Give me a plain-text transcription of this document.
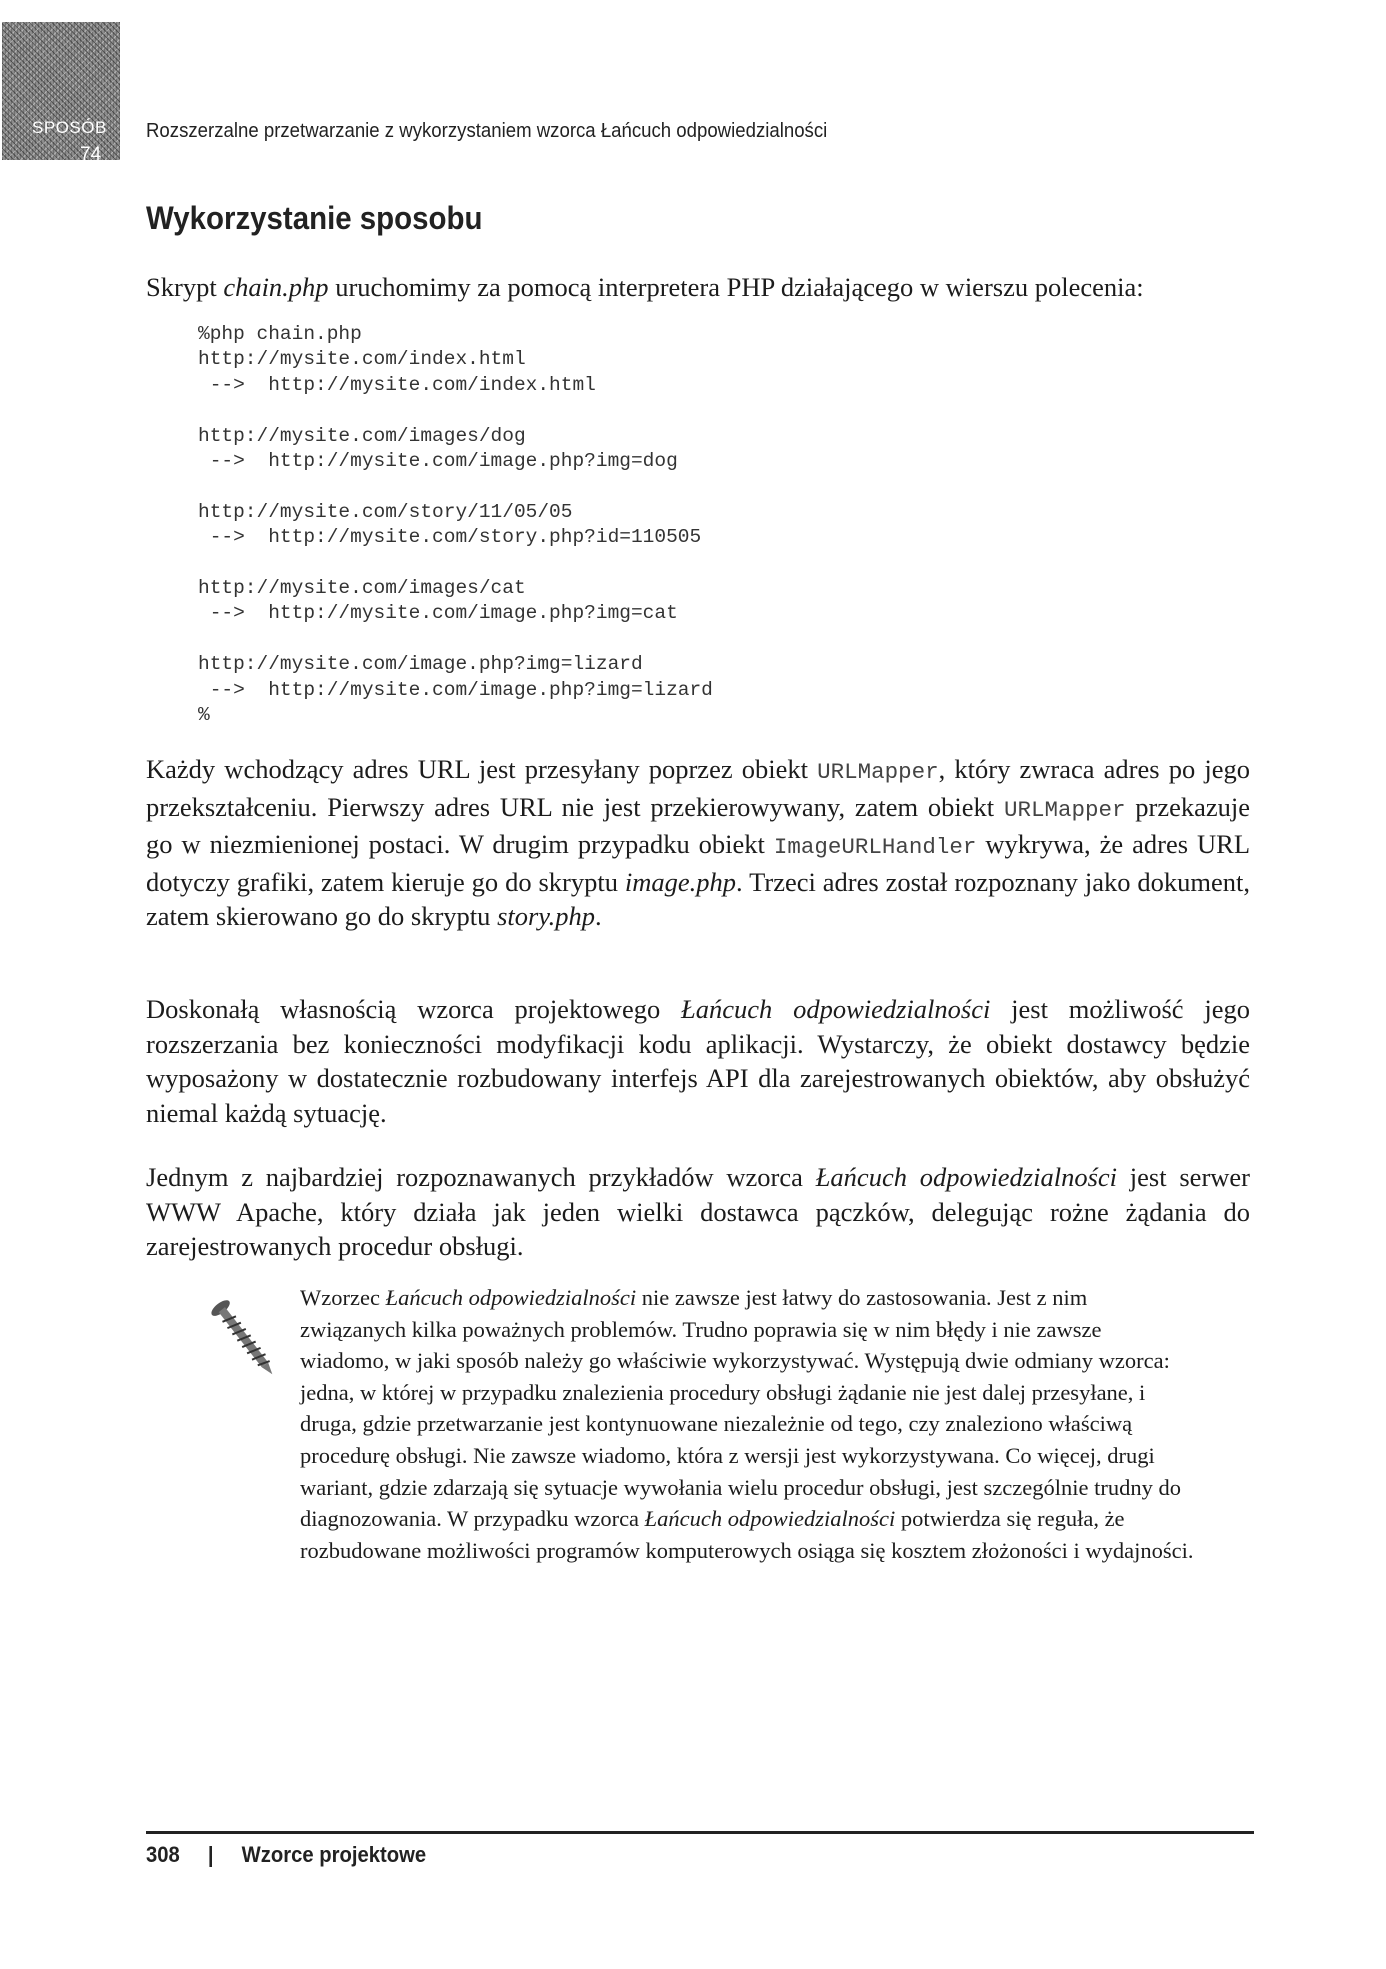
SPOSÓB
74
Rozszerzalne przetwarzanie z wykorzystaniem wzorca Łańcuch odpowiedzialności
Wykorzystanie sposobu

Skrypt chain.php uruchomimy za pomocą interpretera PHP działającego w wierszu polecenia:

%php chain.php
http://mysite.com/index.html
-->  http://mysite.com/index.html

http://mysite.com/images/dog
-->  http://mysite.com/image.php?img=dog

http://mysite.com/story/11/05/05
-->  http://mysite.com/story.php?id=110505

http://mysite.com/images/cat
-->  http://mysite.com/image.php?img=cat

http://mysite.com/image.php?img=lizard
-->  http://mysite.com/image.php?img=lizard
%

Każdy wchodzący adres URL jest przesyłany poprzez obiekt URLMapper, który zwraca adres po jego przekształceniu. Pierwszy adres URL nie jest przekierowywany, zatem obiekt URLMapper przekazuje go w niezmienionej postaci. W drugim przypadku obiekt ImageURLHandler wykrywa, że adres URL dotyczy grafiki, zatem kieruje go do skryptu image.php. Trzeci adres został rozpoznany jako dokument, zatem skierowano go do skryptu story.php.

Doskonałą własnością wzorca projektowego Łańcuch odpowiedzialności jest możliwość jego rozszerzania bez konieczności modyfikacji kodu aplikacji. Wystarczy, że obiekt dostawcy będzie wyposażony w dostatecznie rozbudowany interfejs API dla zarejestrowanych obiektów, aby obsłużyć niemal każdą sytuację.

Jednym z najbardziej rozpoznawanych przykładów wzorca Łańcuch odpowiedzialności jest serwer WWW Apache, który działa jak jeden wielki dostawca pączków, delegując rożne żądania do zarejestrowanych procedur obsługi.

Wzorzec Łańcuch odpowiedzialności nie zawsze jest łatwy do zastosowania. Jest z nim związanych kilka poważnych problemów. Trudno poprawia się w nim błędy i nie zawsze wiadomo, w jaki sposób należy go właściwie wykorzystywać. Występują dwie odmiany wzorca: jedna, w której w przypadku znalezienia procedury obsługi żądanie nie jest dalej przesyłane, i druga, gdzie przetwarzanie jest kontynuowane niezależnie od tego, czy znaleziono właściwą procedurę obsługi. Nie zawsze wiadomo, która z wersji jest wykorzystywana. Co więcej, drugi wariant, gdzie zdarzają się sytuacje wywołania wielu procedur obsługi, jest szczególnie trudny do diagnozowania. W przypadku wzorca Łańcuch odpowiedzialności potwierdza się reguła, że rozbudowane możliwości programów komputerowych osiąga się kosztem złożoności i wydajności.

308 | Wzorce projektowe
